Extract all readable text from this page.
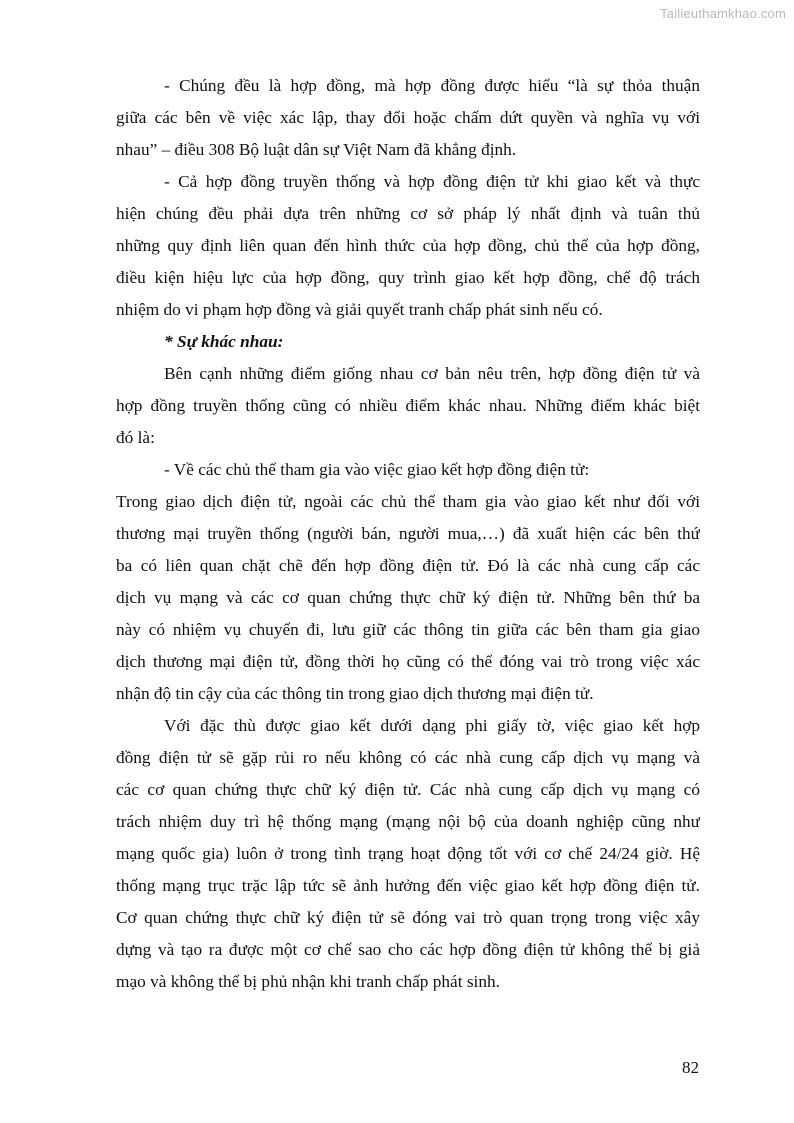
Tailieuthamkhao.com
- Chúng đều là hợp đồng, mà hợp đồng được hiểu “là sự thỏa thuận
giữa các bên về việc xác lập, thay đổi hoặc chấm dứt quyền và nghĩa vụ với
nhau” – điều 308 Bộ luật dân sự Việt Nam đã khẳng định.
- Cả hợp đồng truyền thống và hợp đồng điện tử khi giao kết và thực
hiện chúng đều phải dựa trên những cơ sở pháp lý nhất định và tuân thủ
những quy định liên quan đến hình thức của hợp đồng, chủ thể của hợp đồng,
điều kiện hiệu lực của hợp đồng, quy trình giao kết hợp đồng, chế độ trách
nhiệm do vi phạm hợp đồng và giải quyết tranh chấp phát sinh nếu có.
* Sự khác nhau:
Bên cạnh những điểm giống nhau cơ bản nêu trên, hợp đồng điện tử và
hợp đồng truyền thống cũng có nhiều điểm khác nhau. Những điểm khác biệt
đó là:
- Về các chủ thể tham gia vào việc giao kết hợp đồng điện tử:
Trong giao dịch điện tử, ngoài các chủ thể tham gia vào giao kết như đối với
thương mại truyền thống (người bán, người mua,…) đã xuất hiện các bên thứ
ba có liên quan chặt chẽ đến hợp đồng điện tử. Đó là các nhà cung cấp các
dịch vụ mạng và các cơ quan chứng thực chữ ký điện tử. Những bên thứ ba
này có nhiệm vụ chuyển đi, lưu giữ các thông tin giữa các bên tham gia giao
dịch thương mại điện tử, đồng thời họ cũng có thể đóng vai trò trong việc xác
nhận độ tin cậy của các thông tin trong giao dịch thương mại điện tử.
Với đặc thù được giao kết dưới dạng phi giấy tờ, việc giao kết hợp
đồng điện tử sẽ gặp rủi ro nếu không có các nhà cung cấp dịch vụ mạng và
các cơ quan chứng thực chữ ký điện tử. Các nhà cung cấp dịch vụ mạng có
trách nhiệm duy trì hệ thống mạng (mạng nội bộ của doanh nghiệp cũng như
mạng quốc gia) luôn ở trong tình trạng hoạt động tốt với cơ chế 24/24 giờ. Hệ
thống mạng trục trặc lập tức sẽ ảnh hưởng đến việc giao kết hợp đồng điện tử.
Cơ quan chứng thực chữ ký điện tử sẽ đóng vai trò quan trọng trong việc xây
dựng và tạo ra được một cơ chế sao cho các hợp đồng điện tử không thể bị giả
mạo và không thể bị phủ nhận khi tranh chấp phát sinh.
82
